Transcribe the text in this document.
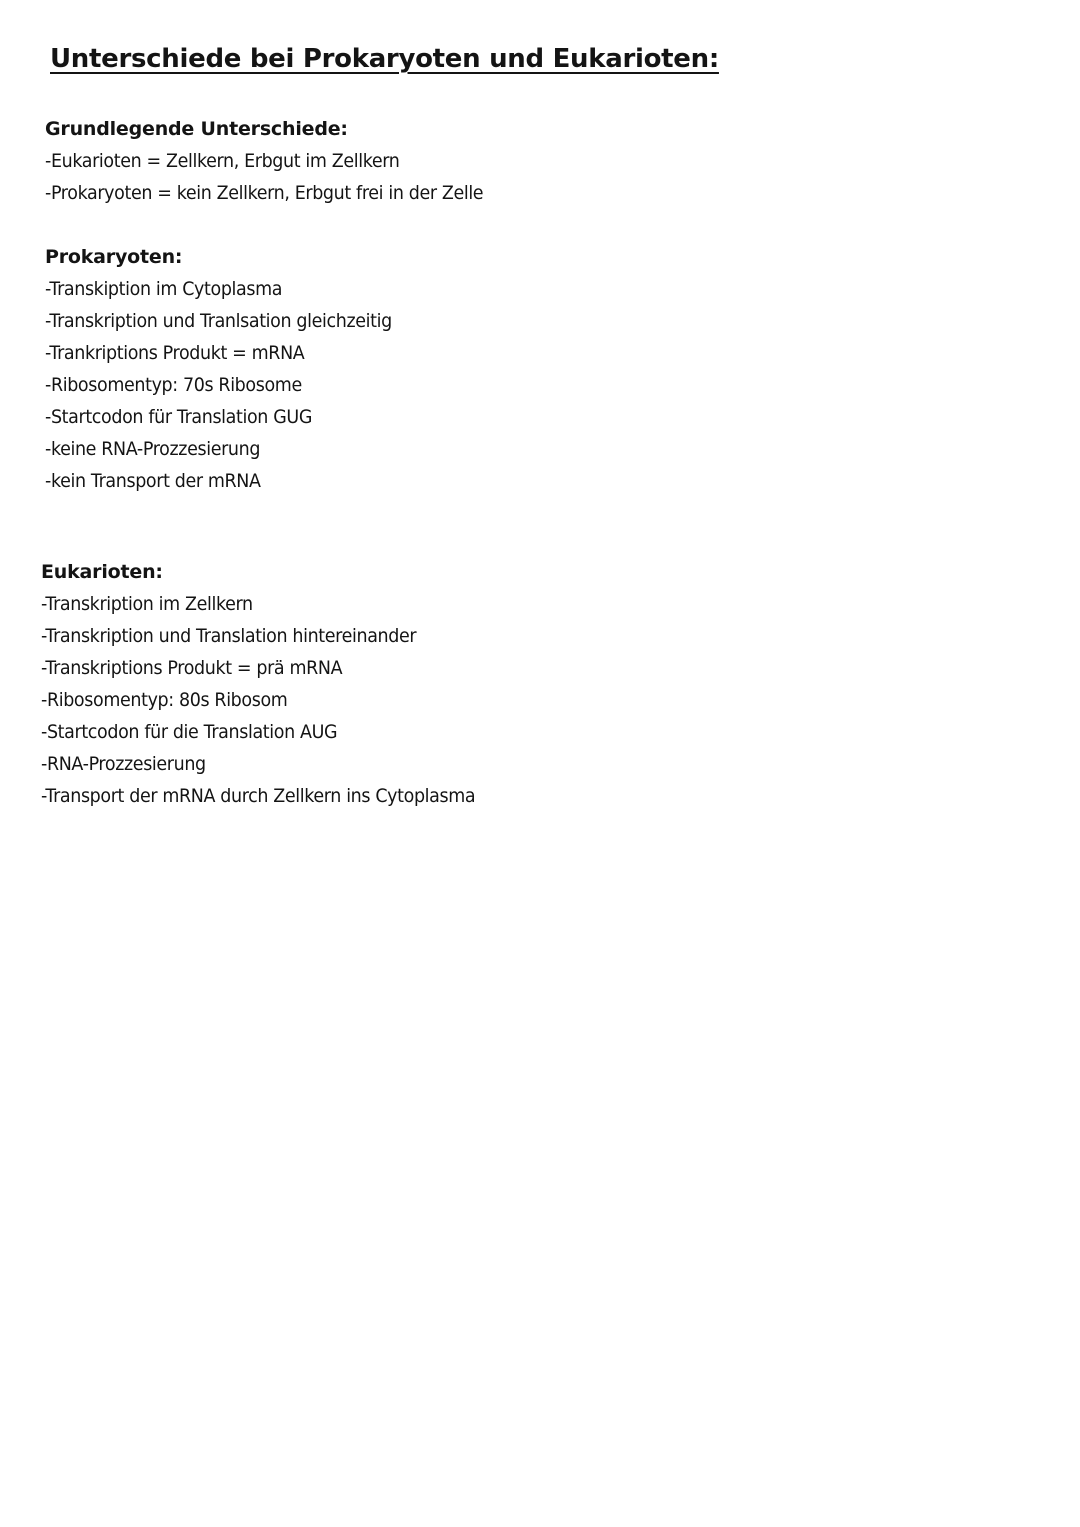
Unterschiede bei Prokaryoten und Eukarioten:
Grundlegende Unterschiede:
-Eukarioten = Zellkern, Erbgut im Zellkern
-Prokaryoten = kein Zellkern, Erbgut frei in der Zelle
Prokaryoten:
-Transkiption im Cytoplasma
-Transkription und Tranlsation gleichzeitig
-Trankriptions Produkt = mRNA
-Ribosomentyp: 70s Ribosome
-Startcodon für Translation GUG
-keine RNA-Prozzesierung
-kein Transport der mRNA
Eukarioten:
-Transkription im Zellkern
-Transkription und Translation hintereinander
-Transkriptions Produkt = prä mRNA
-Ribosomentyp: 80s Ribosom
-Startcodon für die Translation AUG
-RNA-Prozzesierung
-Transport der mRNA durch Zellkern ins Cytoplasma
